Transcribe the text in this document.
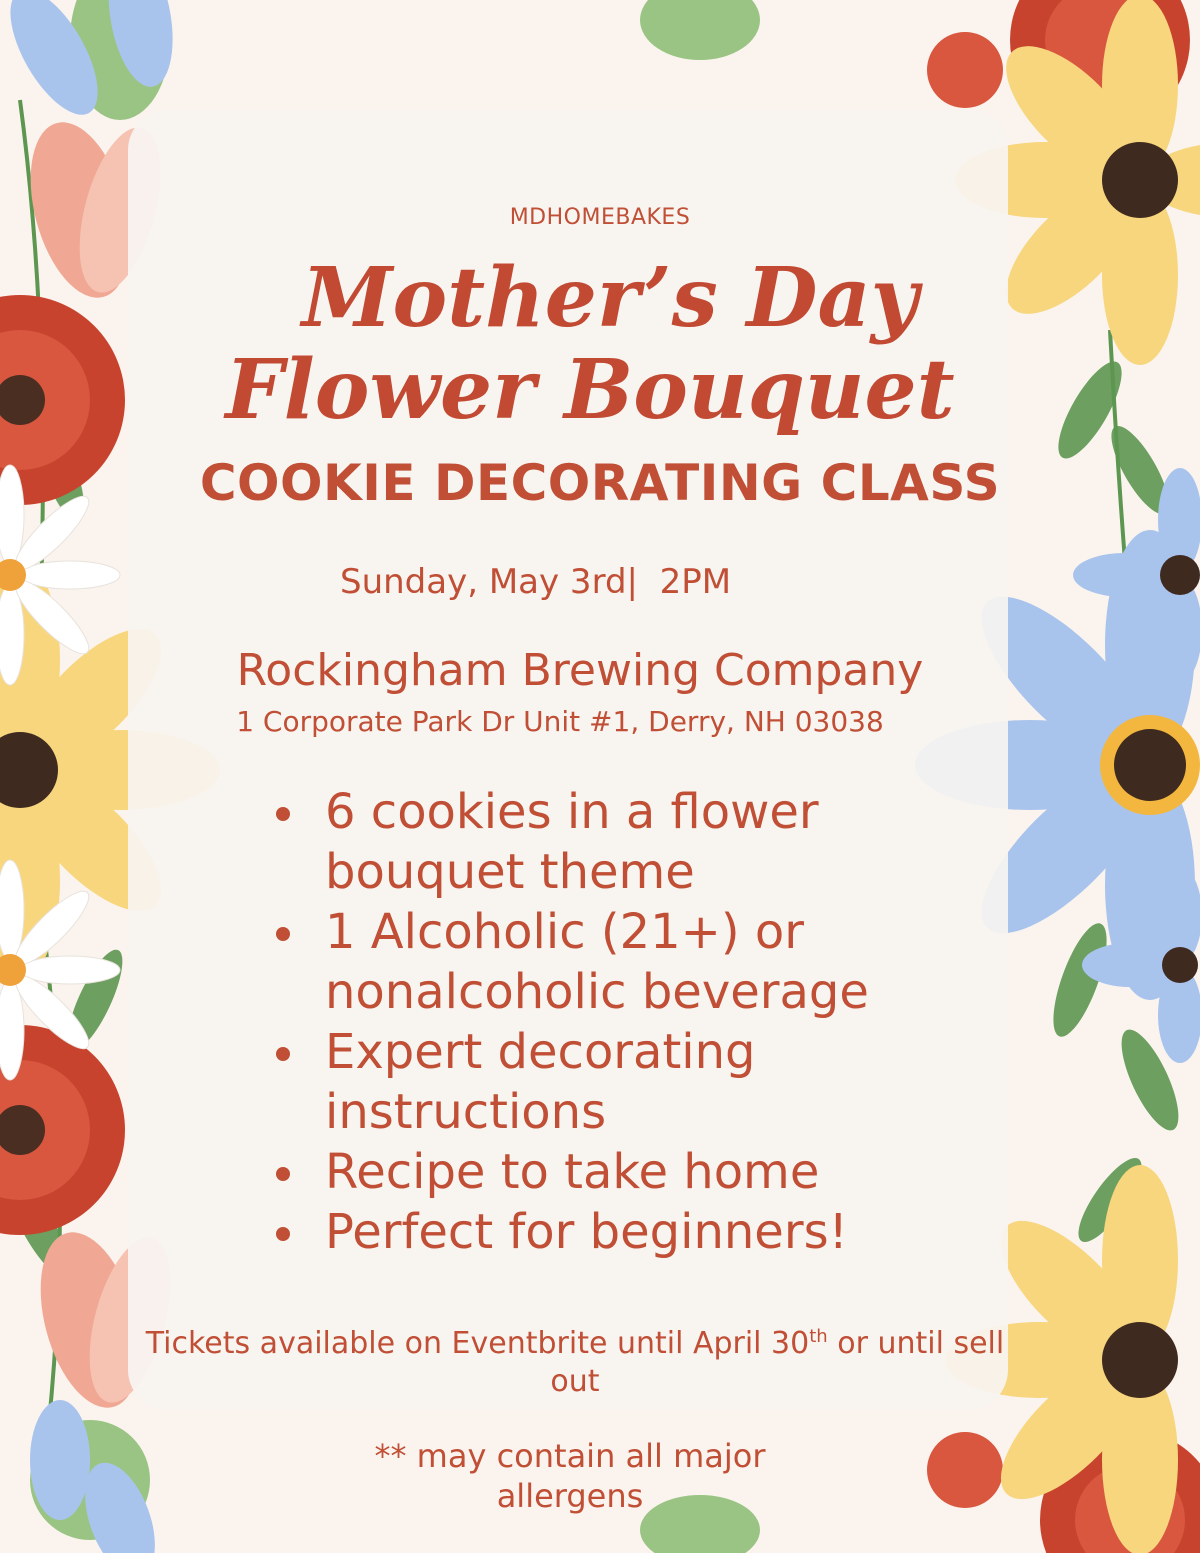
MDHOMEBAKES
Mother’s Day
Flower Bouquet
COOKIE DECORATING CLASS
Sunday, May 3rd|  2PM
Rockingham Brewing Company
1 Corporate Park Dr Unit #1, Derry, NH 03038
6 cookies in a flower bouquet theme
1 Alcoholic (21+) or nonalcoholic beverage
Expert decorating instructions
Recipe to take home
Perfect for beginners!
Tickets available on Eventbrite until April 30th or until sell out
** may contain all major allergens
